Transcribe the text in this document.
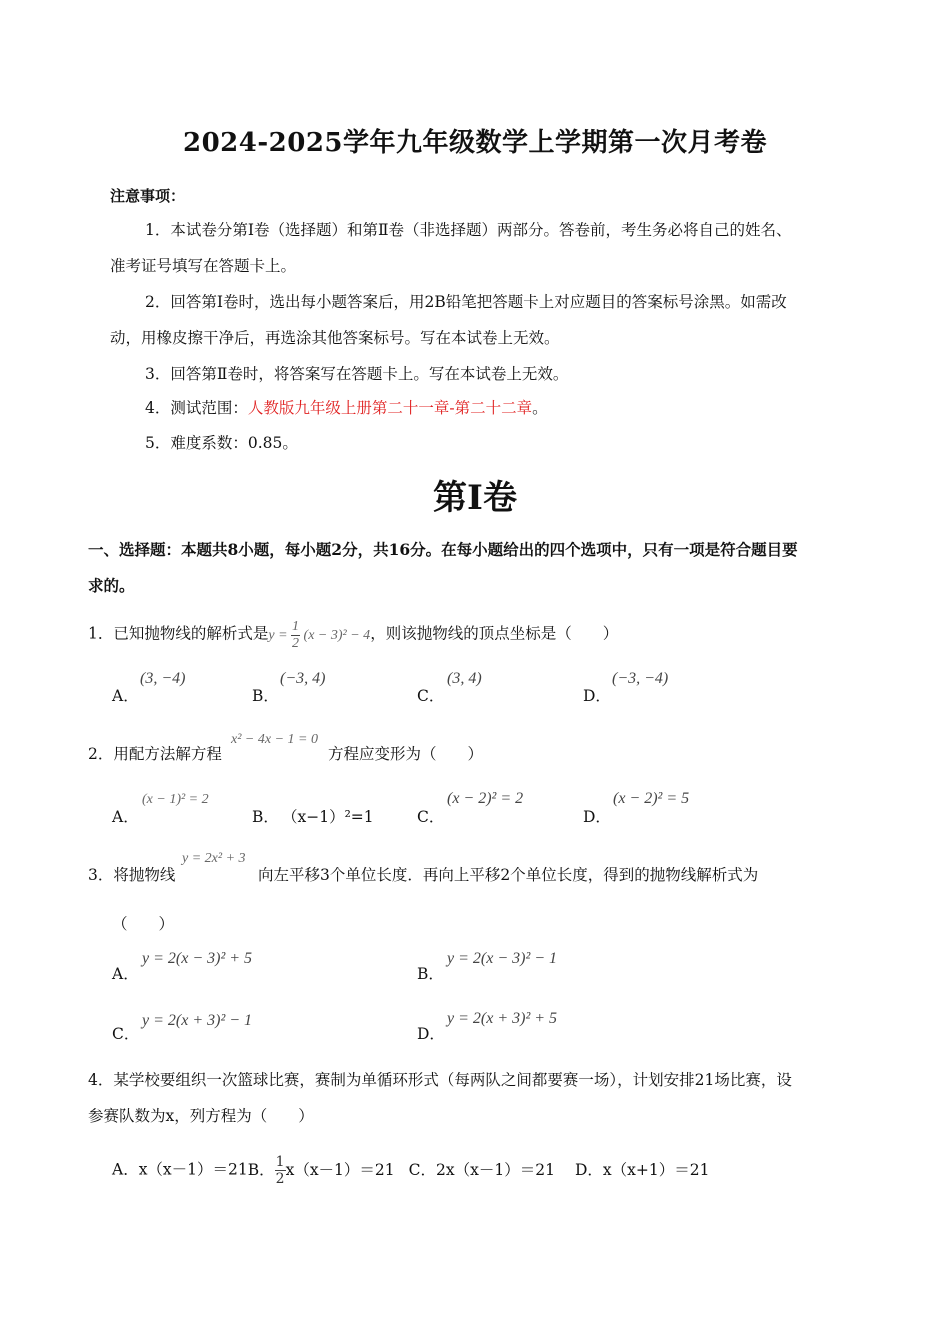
2024-2025学年九年级数学上学期第一次月考卷
注意事项：
1．本试卷分第Ⅰ卷（选择题）和第Ⅱ卷（非选择题）两部分。答卷前，考生务必将自己的姓名、
准考证号填写在答题卡上。
2．回答第Ⅰ卷时，选出每小题答案后，用2B铅笔把答题卡上对应题目的答案标号涂黑。如需改
动，用橡皮擦干净后，再选涂其他答案标号。写在本试卷上无效。
3．回答第Ⅱ卷时，将答案写在答题卡上。写在本试卷上无效。
4．测试范围：人教版九年级上册第二十一章-第二十二章。
5．难度系数：0.85。
第Ⅰ卷
一、选择题：本题共8小题，每小题2分，共16分。在每小题给出的四个选项中，只有一项是符合题目要
求的。
1．已知抛物线的解析式是$y = \frac{1}{2} (x - 3)^2 - 4$，则该抛物线的顶点坐标是（　　）
A．
(3, −4)
B．
(−3, 4)
C．
(3, 4)
D．
(−3, −4)
2．用配方法解方程
x² − 4x − 1 = 0
方程应变形为（　　）
A．
(x − 1)² = 2
B． （x−1）²=1	C．
(x − 2)² = 2
D．
(x − 2)² = 5
3．将抛物线
y = 2x² + 3
向左平移3个单位长度．再向上平移2个单位长度，得到的抛物线解析式为
（　　）
A．
y = 2(x − 3)² + 5
B．
y = 2(x − 3)² − 1
C．
y = 2(x + 3)² − 1
D．
y = 2(x + 3)² + 5
4．某学校要组织一次篮球比赛，赛制为单循环形式（每两队之间都要赛一场），计划安排21场比赛，设
参赛队数为x，列方程为（　　）
A．x（x－1）＝21B． $\frac{1}{2} x(x-1)=21$ C．2x（x－1）＝21 D．x（x+1）＝21
